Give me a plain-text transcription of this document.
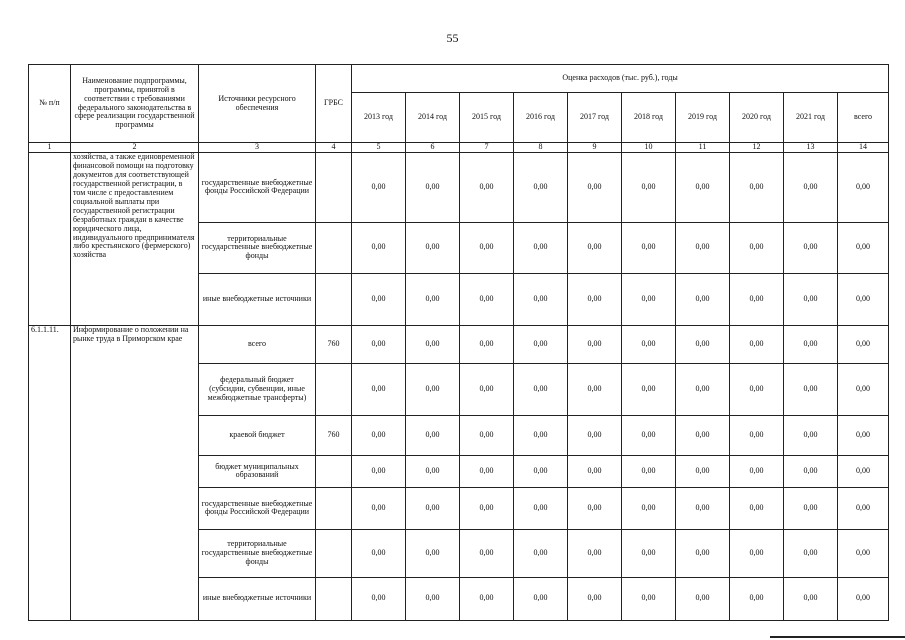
55
№ п/п	Наименование подпрограммы, программы, принятой в соответствии с требованиями федерального законодательства в сфере реализации государственной программы	Источники ресурсного обеспечения	ГРБС	Оценка расходов (тыс. руб.), годы									
				2013 год	2014 год	2015 год	2016 год	2017 год	2018 год	2019 год	2020 год	2021 год	всего
1	2	3	4	5	6	7	8	9	10	11	12	13	14
	хозяйства, а также единовременной финансовой помощи на подготовку документов для соответствующей государственной регистрации, в том числе с предоставлением социальной выплаты при государственной регистрации безработных граждан в качестве юридического лица, индивидуального предпринимателя либо крестьянского (фермерского) хозяйства	государственные внебюджетные фонды Российской Федерации		0,00	0,00	0,00	0,00	0,00	0,00	0,00	0,00	0,00	0,00
		территориальные государственные внебюджетные фонды		0,00	0,00	0,00	0,00	0,00	0,00	0,00	0,00	0,00	0,00
		иные внебюджетные источники		0,00	0,00	0,00	0,00	0,00	0,00	0,00	0,00	0,00	0,00
6.1.1.11.	Информирование о положении на рынке труда в Приморском крае	всего	760	0,00	0,00	0,00	0,00	0,00	0,00	0,00	0,00	0,00	0,00
		федеральный бюджет (субсидии, субвенции, иные межбюджетные трансферты)		0,00	0,00	0,00	0,00	0,00	0,00	0,00	0,00	0,00	0,00
		краевой бюджет	760	0,00	0,00	0,00	0,00	0,00	0,00	0,00	0,00	0,00	0,00
		бюджет муниципальных образований		0,00	0,00	0,00	0,00	0,00	0,00	0,00	0,00	0,00	0,00
		государственные внебюджетные фонды Российской Федерации		0,00	0,00	0,00	0,00	0,00	0,00	0,00	0,00	0,00	0,00
		территориальные государственные внебюджетные фонды		0,00	0,00	0,00	0,00	0,00	0,00	0,00	0,00	0,00	0,00
		иные внебюджетные источники		0,00	0,00	0,00	0,00	0,00	0,00	0,00	0,00	0,00	0,00
